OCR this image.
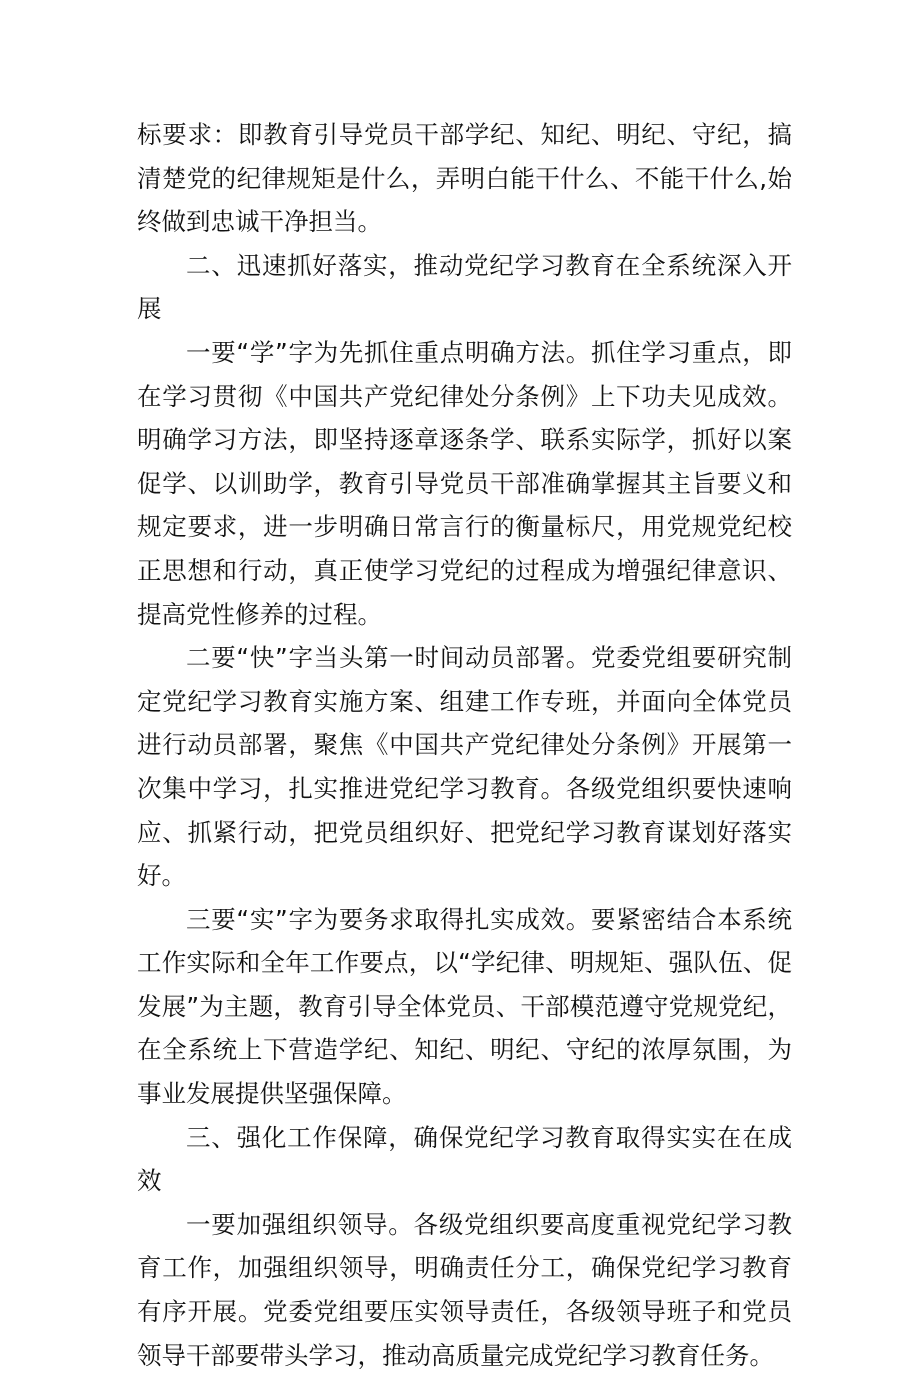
标要求：即教育引导党员干部学纪、知纪、明纪、守纪，搞清楚党的纪律规矩是什么，弄明白能干什么、不能干什么,始终做到忠诚干净担当。

二、迅速抓好落实，推动党纪学习教育在全系统深入开展

一要“学”字为先抓住重点明确方法。抓住学习重点，即在学习贯彻《中国共产党纪律处分条例》上下功夫见成效。明确学习方法，即坚持逐章逐条学、联系实际学，抓好以案促学、以训助学，教育引导党员干部准确掌握其主旨要义和规定要求，进一步明确日常言行的衡量标尺，用党规党纪校正思想和行动，真正使学习党纪的过程成为增强纪律意识、提高党性修养的过程。

二要“快”字当头第一时间动员部署。党委党组要研究制定党纪学习教育实施方案、组建工作专班，并面向全体党员进行动员部署，聚焦《中国共产党纪律处分条例》开展第一次集中学习，扎实推进党纪学习教育。各级党组织要快速响应、抓紧行动，把党员组织好、把党纪学习教育谋划好落实好。

三要“实”字为要务求取得扎实成效。要紧密结合本系统工作实际和全年工作要点，以“学纪律、明规矩、强队伍、促发展”为主题，教育引导全体党员、干部模范遵守党规党纪，在全系统上下营造学纪、知纪、明纪、守纪的浓厚氛围，为事业发展提供坚强保障。

三、强化工作保障，确保党纪学习教育取得实实在在成效

一要加强组织领导。各级党组织要高度重视党纪学习教育工作，加强组织领导，明确责任分工，确保党纪学习教育有序开展。党委党组要压实领导责任，各级领导班子和党员领导干部要带头学习，推动高质量完成党纪学习教育任务。
